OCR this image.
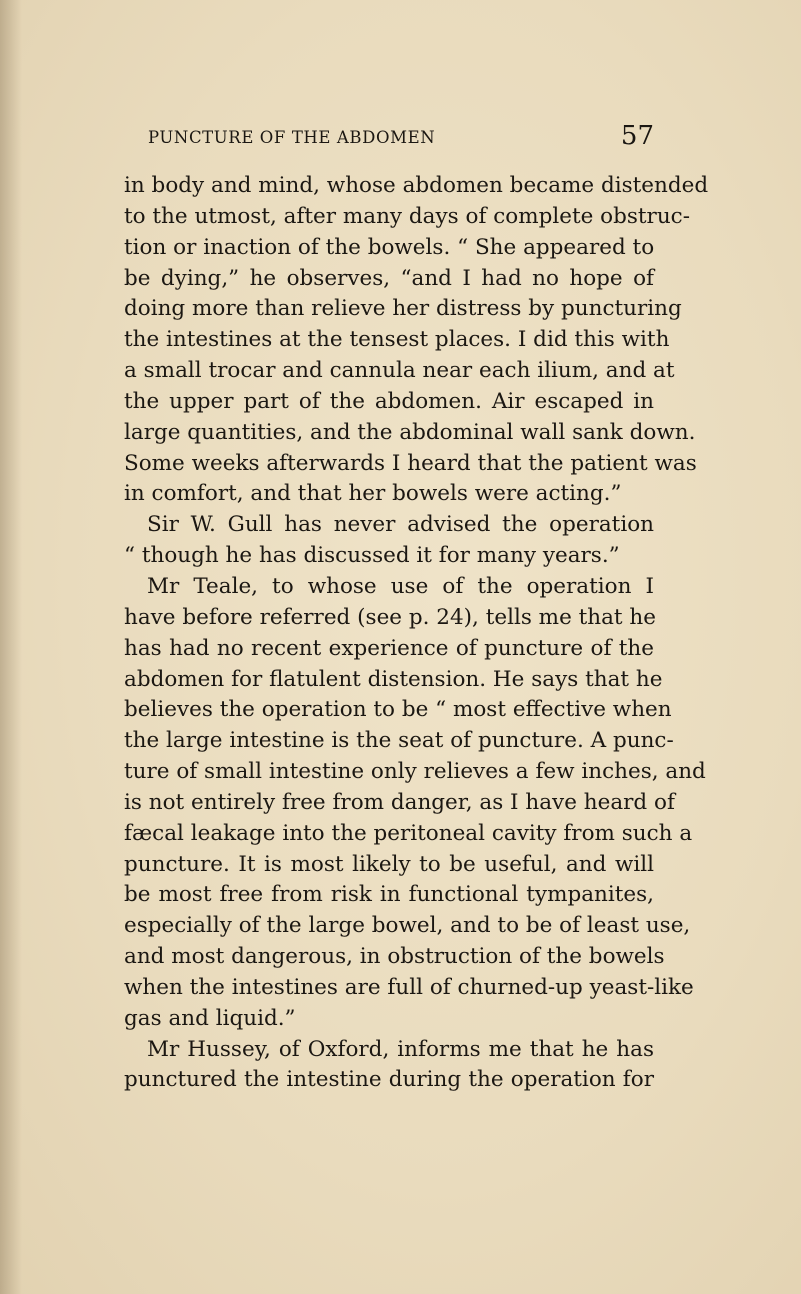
PUNCTURE OF THE ABDOMEN	57
in body and mind, whose abdomen became distended
to the utmost, after many days of complete obstruc-
tion or inaction of the bowels. “ She appeared to
be dying,” he observes, “and I had no hope of
doing more than relieve her distress by puncturing
the intestines at the tensest places. I did this with
a small trocar and cannula near each ilium, and at
the upper part of the abdomen. Air escaped in
large quantities, and the abdominal wall sank down.
Some weeks afterwards I heard that the patient was
in comfort, and that her bowels were acting.”
Sir W. Gull has never advised the operation
“ though he has discussed it for many years.”
Mr Teale, to whose use of the operation I
have before referred (see p. 24), tells me that he
has had no recent experience of puncture of the
abdomen for flatulent distension. He says that he
believes the operation to be “ most effective when
the large intestine is the seat of puncture. A punc-
ture of small intestine only relieves a few inches, and
is not entirely free from danger, as I have heard of
fæcal leakage into the peritoneal cavity from such a
puncture. It is most likely to be useful, and will
be most free from risk in functional tympanites,
especially of the large bowel, and to be of least use,
and most dangerous, in obstruction of the bowels
when the intestines are full of churned-up yeast-like
gas and liquid.”
Mr Hussey, of Oxford, informs me that he has
punctured the intestine during the operation for
